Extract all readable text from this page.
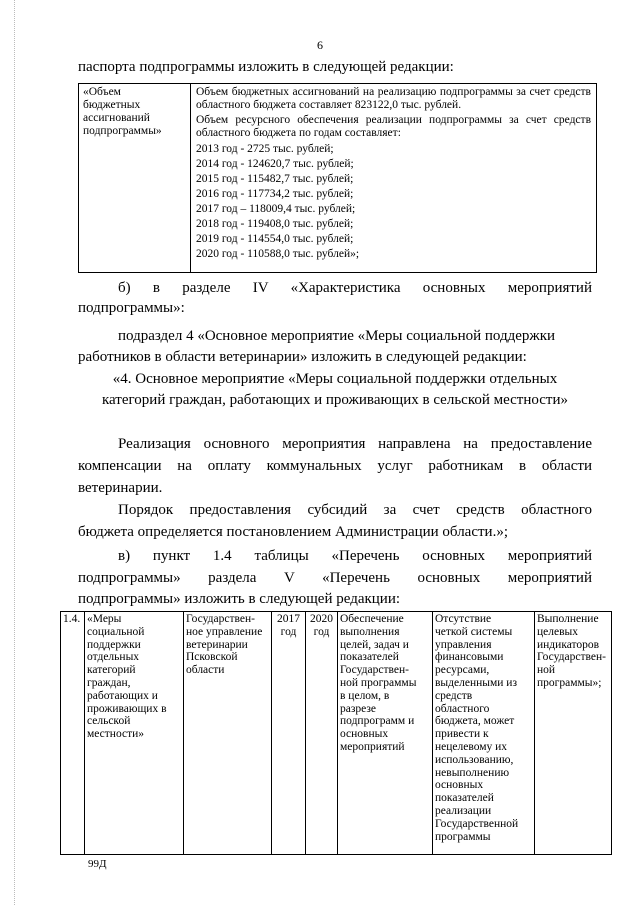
6
паспорта подпрограммы изложить в следующей редакции:
«Объем
бюджетных
ассигнований
подпрограммы»
Объем бюджетных ассигнований на реализацию подпрограммы за счет средств областного бюджета составляет 823122,0 тыс. рублей.
Объем ресурсного обеспечения реализации подпрограммы за счет средств областного бюджета по годам составляет:
2013 год - 2725 тыс. рублей;
2014 год - 124620,7 тыс. рублей;
2015 год - 115482,7 тыс. рублей;
2016 год - 117734,2 тыс. рублей;
2017 год – 118009,4 тыс. рублей;
2018 год - 119408,0 тыс. рублей;
2019 год - 114554,0 тыс. рублей;
2020 год - 110588,0 тыс. рублей»;
б) в разделе IV «Характеристика основных мероприятий
подпрограммы»:
подраздел 4 «Основное мероприятие «Меры социальной поддержки
работников в области ветеринарии» изложить в следующей редакции:
«4. Основное мероприятие «Меры социальной поддержки отдельных
категорий граждан, работающих и проживающих в сельской местности»
Реализация основного мероприятия направлена на предоставление
компенсации на оплату коммунальных услуг работникам в области
ветеринарии.
Порядок предоставления субсидий за счет средств областного
бюджета определяется постановлением Администрации области.»;
в) пункт 1.4 таблицы «Перечень основных мероприятий
подпрограммы» раздела V «Перечень основных мероприятий
подпрограммы» изложить в следующей редакции:
1.4. «Меры
социальной
поддержки
отдельных
категорий
граждан,
работающих и
проживающих в
сельской
местности»
Государствен-
ное управление
ветеринарии
Псковской
области
2017
год
2020
год
Обеспечение
выполнения
целей, задач и
показателей
Государствен-
ной программы
в целом, в
разрезе
подпрограмм и
основных
мероприятий
Отсутствие
четкой системы
управления
финансовыми
ресурсами,
выделенными из
средств
областного
бюджета, может
привести к
нецелевому их
использованию,
невыполнению
основных
показателей
реализации
Государственной
программы
Выполнение
целевых
индикаторов
Государствен-
ной
программы»;
99Д
